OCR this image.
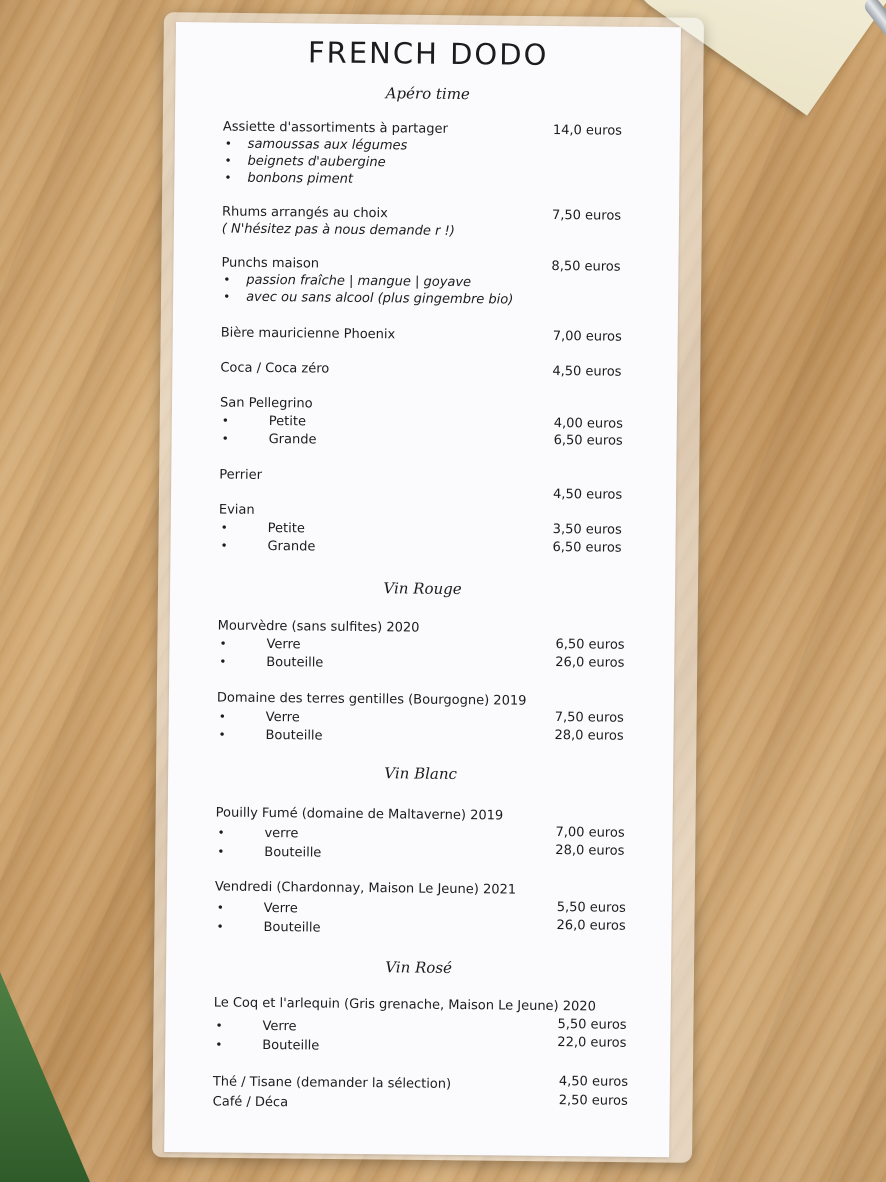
FRENCH DODO
Apéro time
Assiette d'assortiments à partager	14,0 euros
• samoussas aux légumes
• beignets d'aubergine
• bonbons piment
Rhums arrangés au choix	7,50 euros
( N'hésitez pas à nous demande r !)
Punchs maison	8,50 euros
• passion fraîche | mangue | goyave
• avec ou sans alcool (plus gingembre bio)
Bière mauricienne Phoenix	7,00 euros
Coca / Coca zéro	4,50 euros
San Pellegrino
•	Petite	4,00 euros
•	Grande	6,50 euros
Perrier
4,50 euros
Evian
•	Petite	3,50 euros
•	Grande	6,50 euros
Vin Rouge
Mourvèdre (sans sulfites) 2020
•	Verre	6,50 euros
•	Bouteille	26,0 euros
Domaine des terres gentilles (Bourgogne) 2019
•	Verre	7,50 euros
•	Bouteille	28,0 euros
Vin Blanc
Pouilly Fumé (domaine de Maltaverne) 2019
•	verre	7,00 euros
•	Bouteille	28,0 euros
Vendredi (Chardonnay, Maison Le Jeune) 2021
•	Verre	5,50 euros
•	Bouteille	26,0 euros
Vin Rosé
Le Coq et l'arlequin (Gris grenache, Maison Le Jeune) 2020
•	Verre	5,50 euros
•	Bouteille	22,0 euros
Thé / Tisane (demander la sélection)	4,50 euros
Café / Déca	2,50 euros
